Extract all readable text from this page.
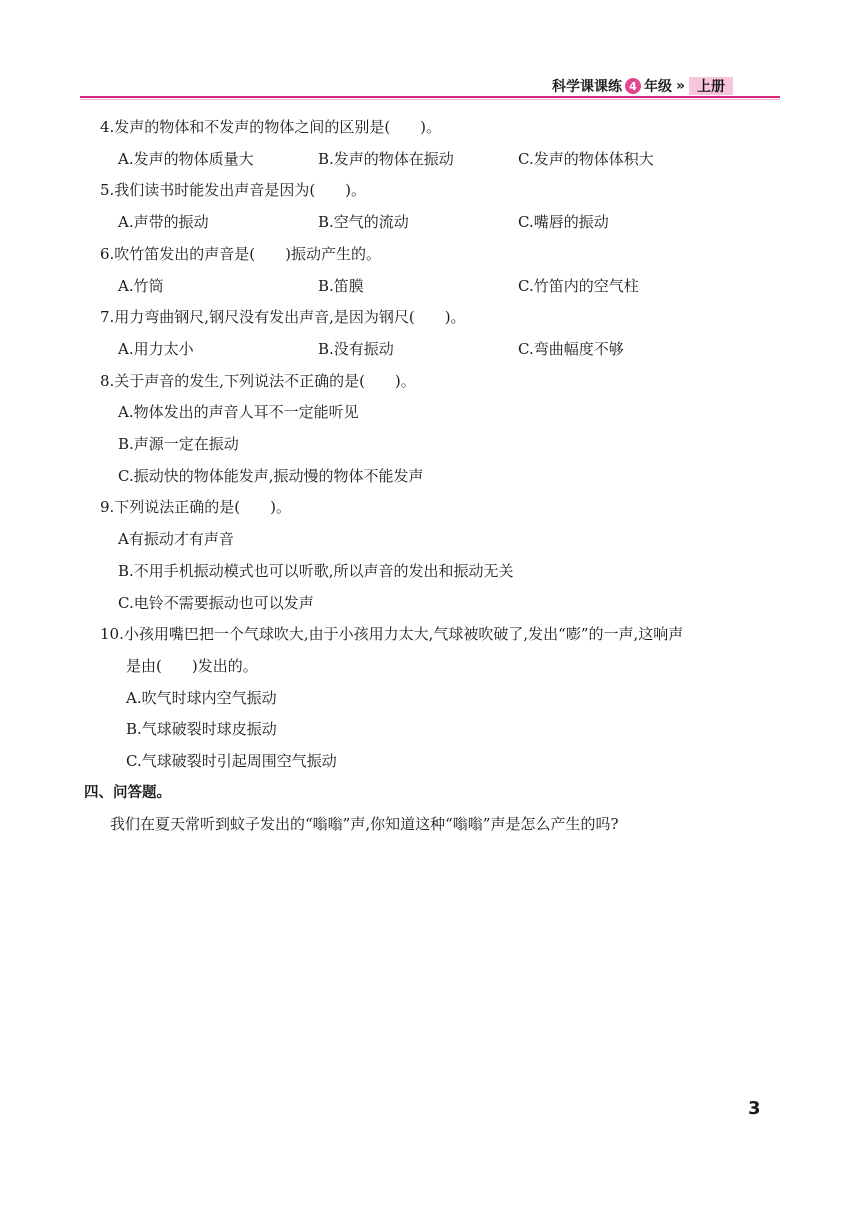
科学课课练 4 年级 » 上册

4.发声的物体和不发声的物体之间的区别是(　　)。

A.发声的物体质量大	B.发声的物体在振动	C.发声的物体体积大

5.我们读书时能发出声音是因为(　　)。

A.声带的振动	B.空气的流动	C.嘴唇的振动

6.吹竹笛发出的声音是(　　)振动产生的。

A.竹筒	B.笛膜	C.竹笛内的空气柱

7.用力弯曲钢尺,钢尺没有发出声音,是因为钢尺(　　)。

A.用力太小	B.没有振动	C.弯曲幅度不够

8.关于声音的发生,下列说法不正确的是(　　)。

A.物体发出的声音人耳不一定能听见
B.声源一定在振动
C.振动快的物体能发声,振动慢的物体不能发声

9.下列说法正确的是(　　)。

A有振动才有声音
B.不用手机振动模式也可以听歌,所以声音的发出和振动无关
C.电铃不需要振动也可以发声

10.小孩用嘴巴把一个气球吹大,由于小孩用力太大,气球被吹破了,发出“嘭”的一声,这响声

是由(　　)发出的。
A.吹气时球内空气振动
B.气球破裂时球皮振动
C.气球破裂时引起周围空气振动
四、问答题。
我们在夏天常听到蚊子发出的“嗡嗡”声,你知道这种“嗡嗡”声是怎么产生的吗?
3
